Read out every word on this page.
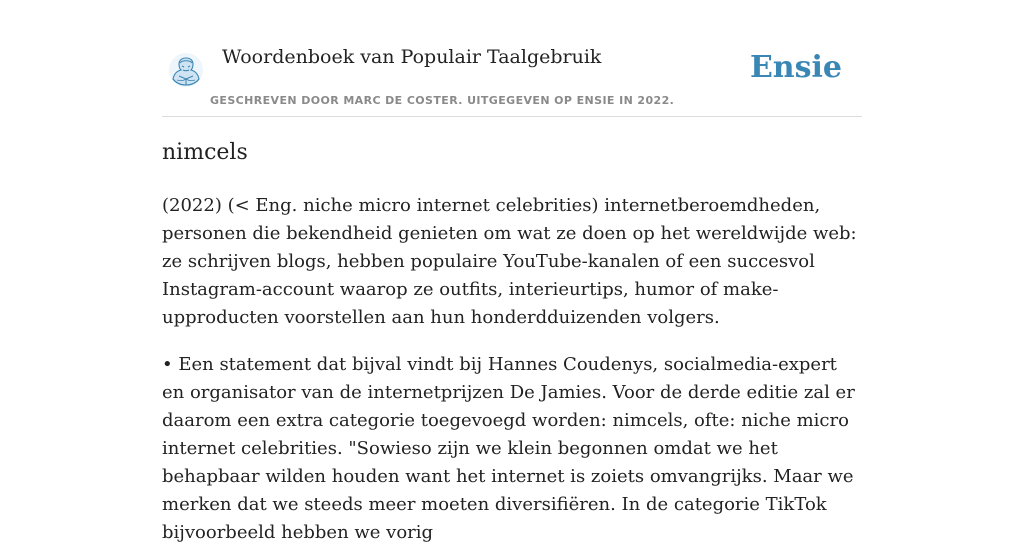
Woordenboek van Populair Taalgebruik
GESCHREVEN DOOR MARC DE COSTER. UITGEGEVEN OP ENSIE IN 2022.
Ensie
nimcels

(2022) (< Eng. niche micro internet celebrities) internetberoemdheden, personen die bekendheid genieten om wat ze doen op het wereldwijde web: ze schrijven blogs, hebben populaire YouTube-kanalen of een succesvol Instagram-account waarop ze outfits, interieurtips, humor of make-upproducten voorstellen aan hun honderdduizenden volgers.

• Een statement dat bijval vindt bij Hannes Coudenys, socialmedia-expert en organisator van de internetprijzen De Jamies. Voor de derde editie zal er daarom een extra categorie toegevoegd worden: nimcels, ofte: niche micro internet celebrities. "Sowieso zijn we klein begonnen omdat we het behapbaar wilden houden want het internet is zoiets omvangrijks. Maar we merken dat we steeds meer moeten diversifiëren. In de categorie TikTok bijvoorbeeld hebben we vorig
